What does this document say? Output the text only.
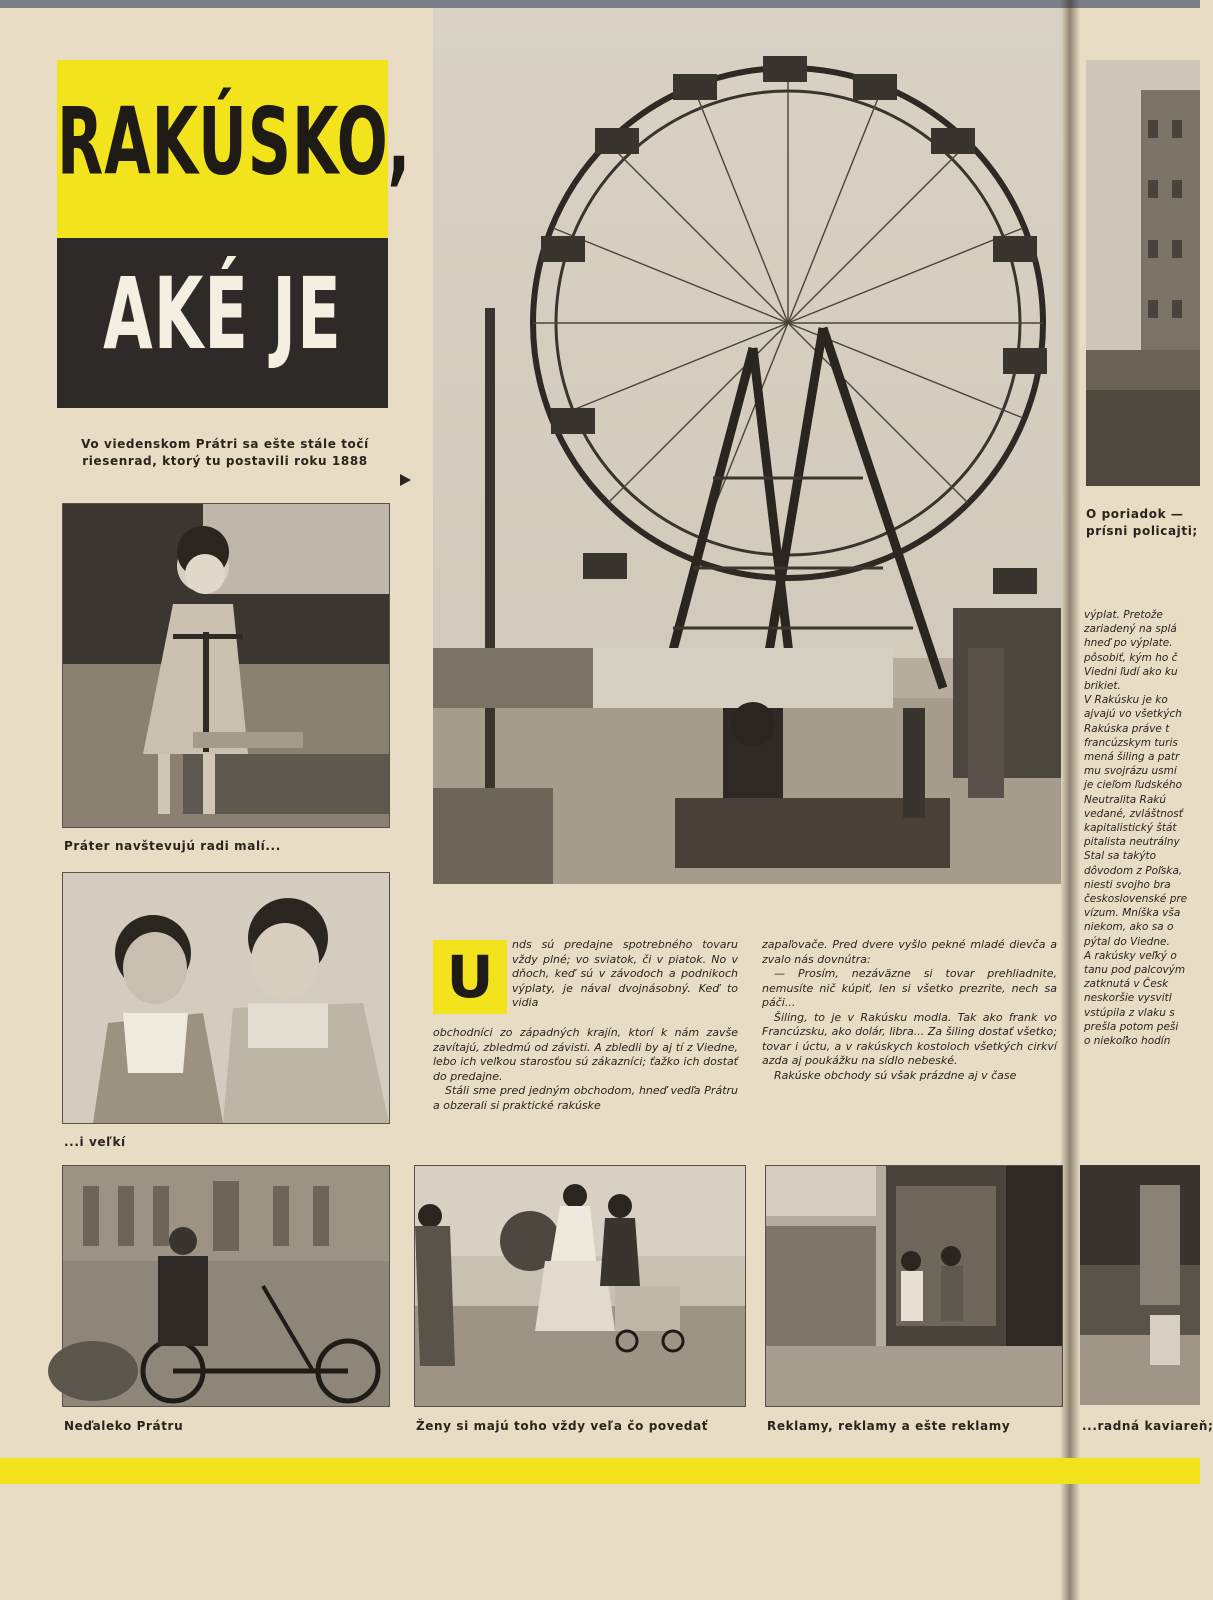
RAKÚSKO,
AKÉ JE
Vo viedenskom Prátri sa ešte stále točí riesenrad, ktorý tu postavili roku 1888
Práter navštevujú radi malí...
...i veľkí
U	nds sú predajne spotrebného tovaru vždy plné; vo sviatok, či v piatok. No v dňoch, keď sú v závodoch a podnikoch výplaty, je nával dvojnásobný. Keď to vidia
obchodníci zo západných krajín, ktorí k nám zavše zavítajú, zbledmú od závisti. A zbledli by aj tí z Viedne, lebo ich veľkou starosťou sú zákazníci; ťažko ich dostať do predajne.

Stáli sme pred jedným obchodom, hneď vedľa Prátru a obzerali si praktické rakúske

zapaľovače. Pred dvere vyšlo pekné mladé dievča a zvalo nás dovnútra:

— Prosím, nezáväzne si tovar prehliadnite, nemusíte nič kúpiť, len si všetko prezrite, nech sa páči...

Šiling, to je v Rakúsku modla. Tak ako frank vo Francúzsku, ako dolár, libra... Za šiling dostať všetko; tovar i úctu, a v rakúskych kostoloch všetkých cirkví azda aj poukážku na sídlo nebeské.

Rakúske obchody sú však prázdne aj v čase

Neďaleko Prátru	Ženy si majú toho vždy veľa čo povedať	Reklamy, reklamy a ešte reklamy
O poriadok — prísni policajti;
výplat. Pretože
zariadený na splá
hneď po výplate.
pôsobiť, kým ho č
Viedni ľudí ako ku
brikiet.
V Rakúsku je ko
ajvajú vo všetkých
Rakúska práve t
francúzskym turis
mená šiling a patr
mu svojrázu usmi
je cieľom ľudského
Neutralita Rakú
vedané, zvláštnosť
kapitalistický štát
pitalista neutrálny
Stal sa takýto
dôvodom z Poľska,
niesti svojho bra
československé pre
vízum. Mníška vša
niekom, ako sa o
pýtal do Viedne.
A rakúsky veľký o
tanu pod palcovým
zatknutá v Česk
neskoršie vysvitl
vstúpila z vlaku s
prešla potom peši
o niekoľko hodín
...radná kaviareň;
